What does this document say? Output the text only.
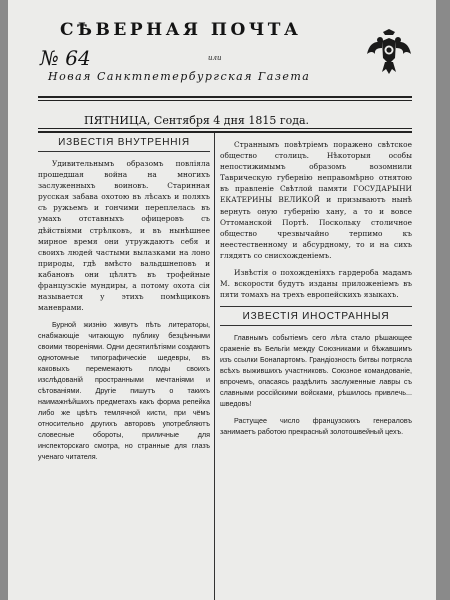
СѢВЕРНАЯ ПОЧТА
№ 64	или
Новая Санктпетербургская Газета
ПЯТНИЦА, Сентября 4 дня 1815 года.
ИЗВЕСТІЯ ВНУТРЕННІЯ

Удивительнымъ образомъ повліяла прошедшая война на многихъ заслуженныхъ воиновъ. Старинная русская забава охотою въ лѣсахъ и поляхъ съ ружьемъ и гончими переплелась въ умахъ отставныхъ офицеровъ съ дѣйствіями стрѣлковъ, и въ нынѣшнее мирное время они утруждаютъ себя и своихъ людей частыми вылазками на лоно природы, гдѣ вмѣсто вальдшнеповъ и кабановъ они цѣлятъ въ трофейные французскіе мундиры, а потому охота сія называется у этихъ помѣщиковъ маневрами.

Бурной жизнію живутъ пѣть литераторы, снабжающіе читающую публику безцѣнными своими твореніями. Одни десятилѣтіями создаютъ однотомные типографическіе шедевры, въ каковыхъ перемежаютъ плоды своихъ изслѣдованій пространными мечтаніями и сѣтованіями. Другіе пишутъ о такихъ наимажнѣйшихъ предметахъ какъ форма репейка либо же цвѣтъ темлячной кисти, при чёмъ относительно другихъ авторовъ употребляютъ словесные обороты, приличные для инспекторскаго смотра, но странные для глазъ ученаго читателя.

Страннымъ повѣтріемъ поражено свѣтское общество столицъ. Нѣкоторыя особы непостижимымъ образомъ возомнили Таврическую губернію неправомѣрно отнятою въ правленіе Свѣтлой памяти ГОСУДАРЫНИ ЕКАТЕРИНЫ ВЕЛИКОЙ и призываютъ нынѣ вернуть оную губернію хану, а то и вовсе Оттоманской Портѣ. Поскольку столичное общество чрезвычайно терпимо къ неестественному и абсурдному, то и на сихъ глядятъ со снисхожденіемъ.

Извѣстія о похожденіяхъ гардероба мадамъ М. вскорости будутъ изданы приложеніемъ въ пяти томахъ на трехъ европейскихъ языкахъ.

ИЗВЕСТІЯ ИНОСТРАННЫЯ

Главнымъ событіемъ сего лѣта стало рѣшающее сраженіе въ Бельгіи между Союзниками и бѣжавшимъ изъ ссылки Бонапартомъ. Грандіозность битвы потрясла всѣхъ выжившихъ участниковъ. Союзное командованіе, впрочемъ, опасаясь раздѣлить заслуженные лавры съ славными россійскими войсками, рѣшилось привлечь... шведовъ!

Растущее число французскихъ генераловъ занимаетъ работою прекрасный золотошвейный цехъ.
